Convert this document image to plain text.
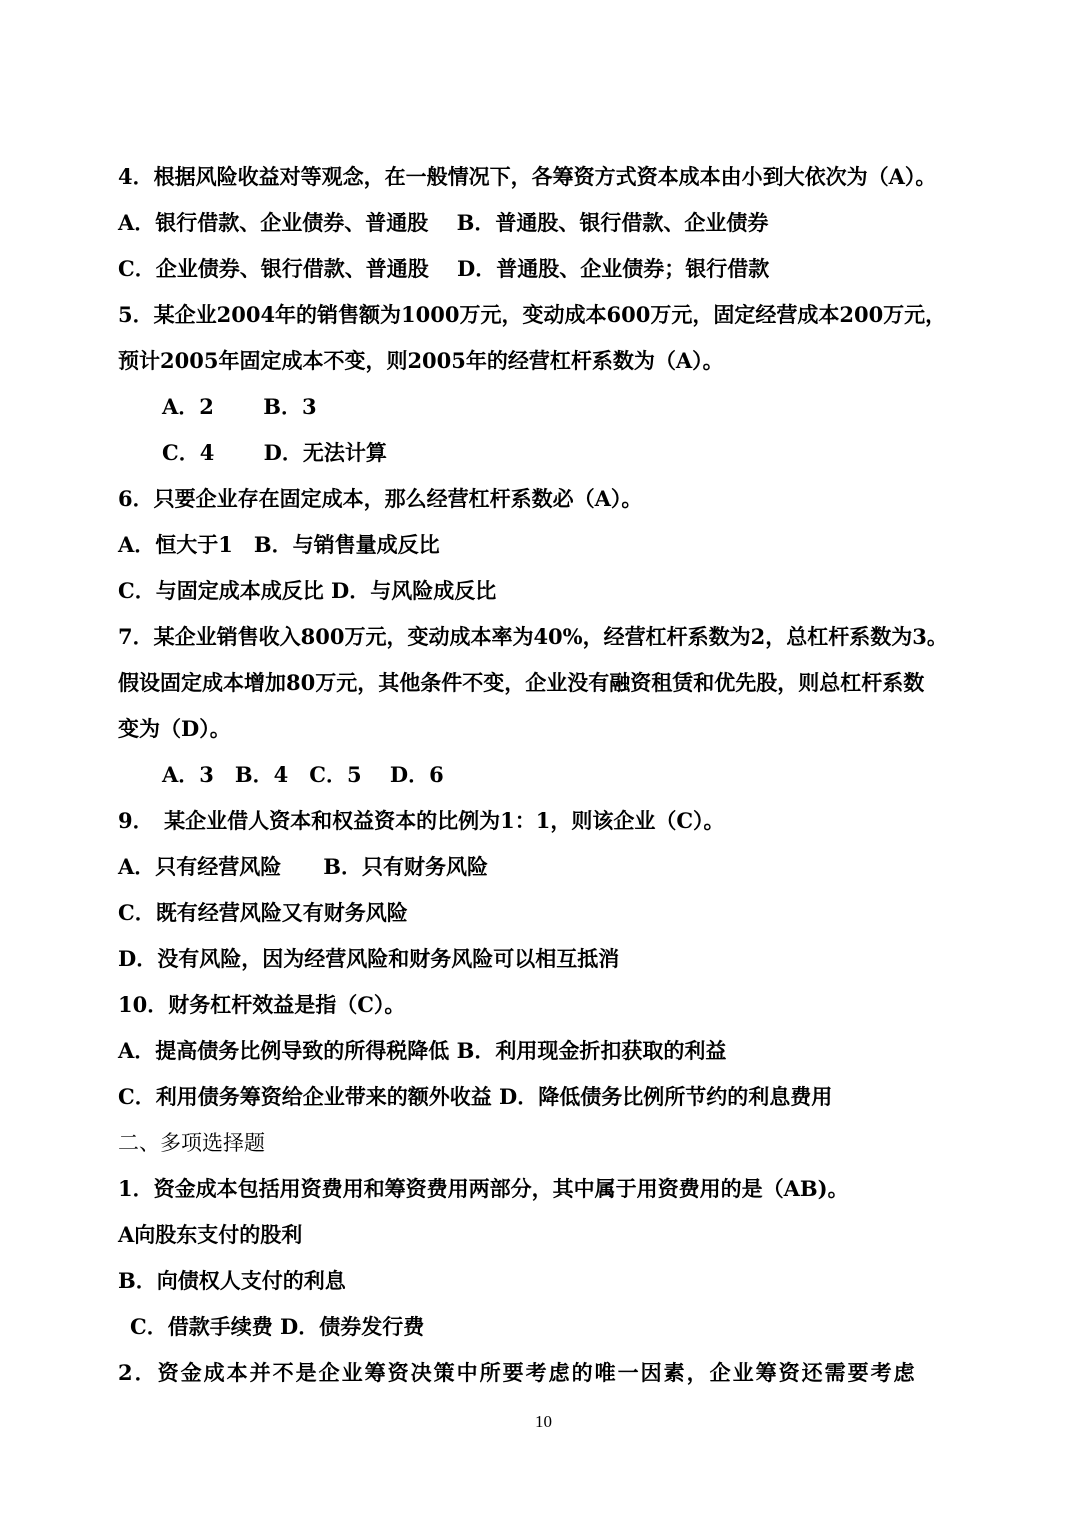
4．根据风险收益对等观念，在一般情况下，各筹资方式资本成本由小到大依次为（A）。
A．银行借款、企业债券、普通股　 B．普通股、银行借款、企业债券
C．企业债券、银行借款、普通股　 D．普通股、企业债券；银行借款
5．某企业2004年的销售额为1000万元，变动成本600万元，固定经营成本200万元，
预计2005年固定成本不变，则2005年的经营杠杆系数为（A）。
A．2　　 B．3
C．4　　 D．无法计算
6．只要企业存在固定成本，那么经营杠杆系数必（A）。
A．恒大于1　B．与销售量成反比
C．与固定成本成反比 D．与风险成反比
7．某企业销售收入800万元，变动成本率为40%，经营杠杆系数为2，总杠杆系数为3。
假设固定成本增加80万元，其他条件不变，企业没有融资租赁和优先股，则总杠杆系数
变为（D）。
A．3　B．4　C．5　 D．6
9．　某企业借人资本和权益资本的比例为1：1，则该企业（C）。
A．只有经营风险　　B．只有财务风险
C．既有经营风险又有财务风险
D．没有风险，因为经营风险和财务风险可以相互抵消
10．财务杠杆效益是指（C）。
A．提高债务比例导致的所得税降低 B．利用现金折扣获取的利益
C．利用债务筹资给企业带来的额外收益 D．降低债务比例所节约的利息费用
二、多项选择题
1．资金成本包括用资费用和筹资费用两部分，其中属于用资费用的是（AB)。
A向股东支付的股利
B．向债权人支付的利息
C．借款手续费 D．债券发行费
2．资金成本并不是企业筹资决策中所要考虑的唯一因素，企业筹资还需要考虑
10
